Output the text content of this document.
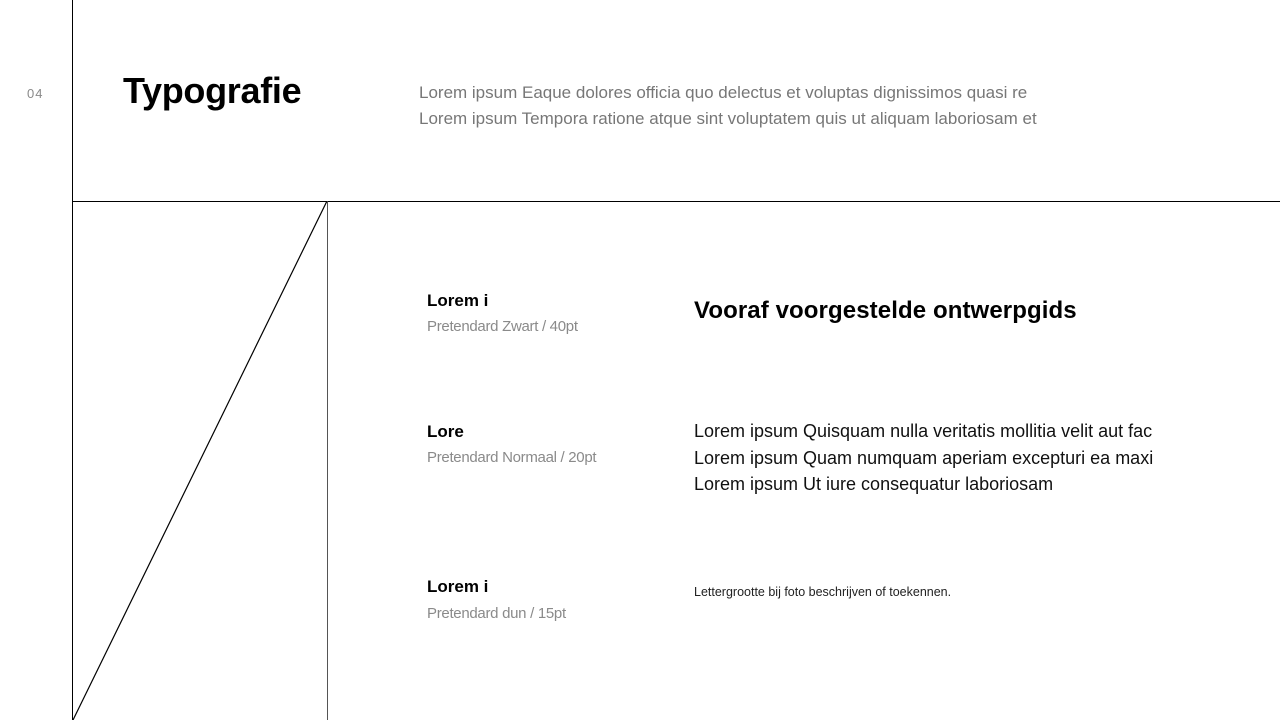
04 Typografie	Lorem ipsum Eaque dolores officia quo delectus et voluptas dignissimos quasi re
Lorem ipsum Tempora ratione atque sint voluptatem quis ut aliquam laboriosam et
Lorem i
Pretendard Zwart / 40pt
Vooraf voorgestelde ontwerpgids
Lore
Pretendard Normaal / 20pt
Lorem ipsum Quisquam nulla veritatis mollitia velit aut fac
Lorem ipsum Quam numquam aperiam excepturi ea maxi
Lorem ipsum Ut iure consequatur laboriosam
Lorem i
Pretendard dun / 15pt
Lettergrootte bij foto beschrijven of toekennen.
